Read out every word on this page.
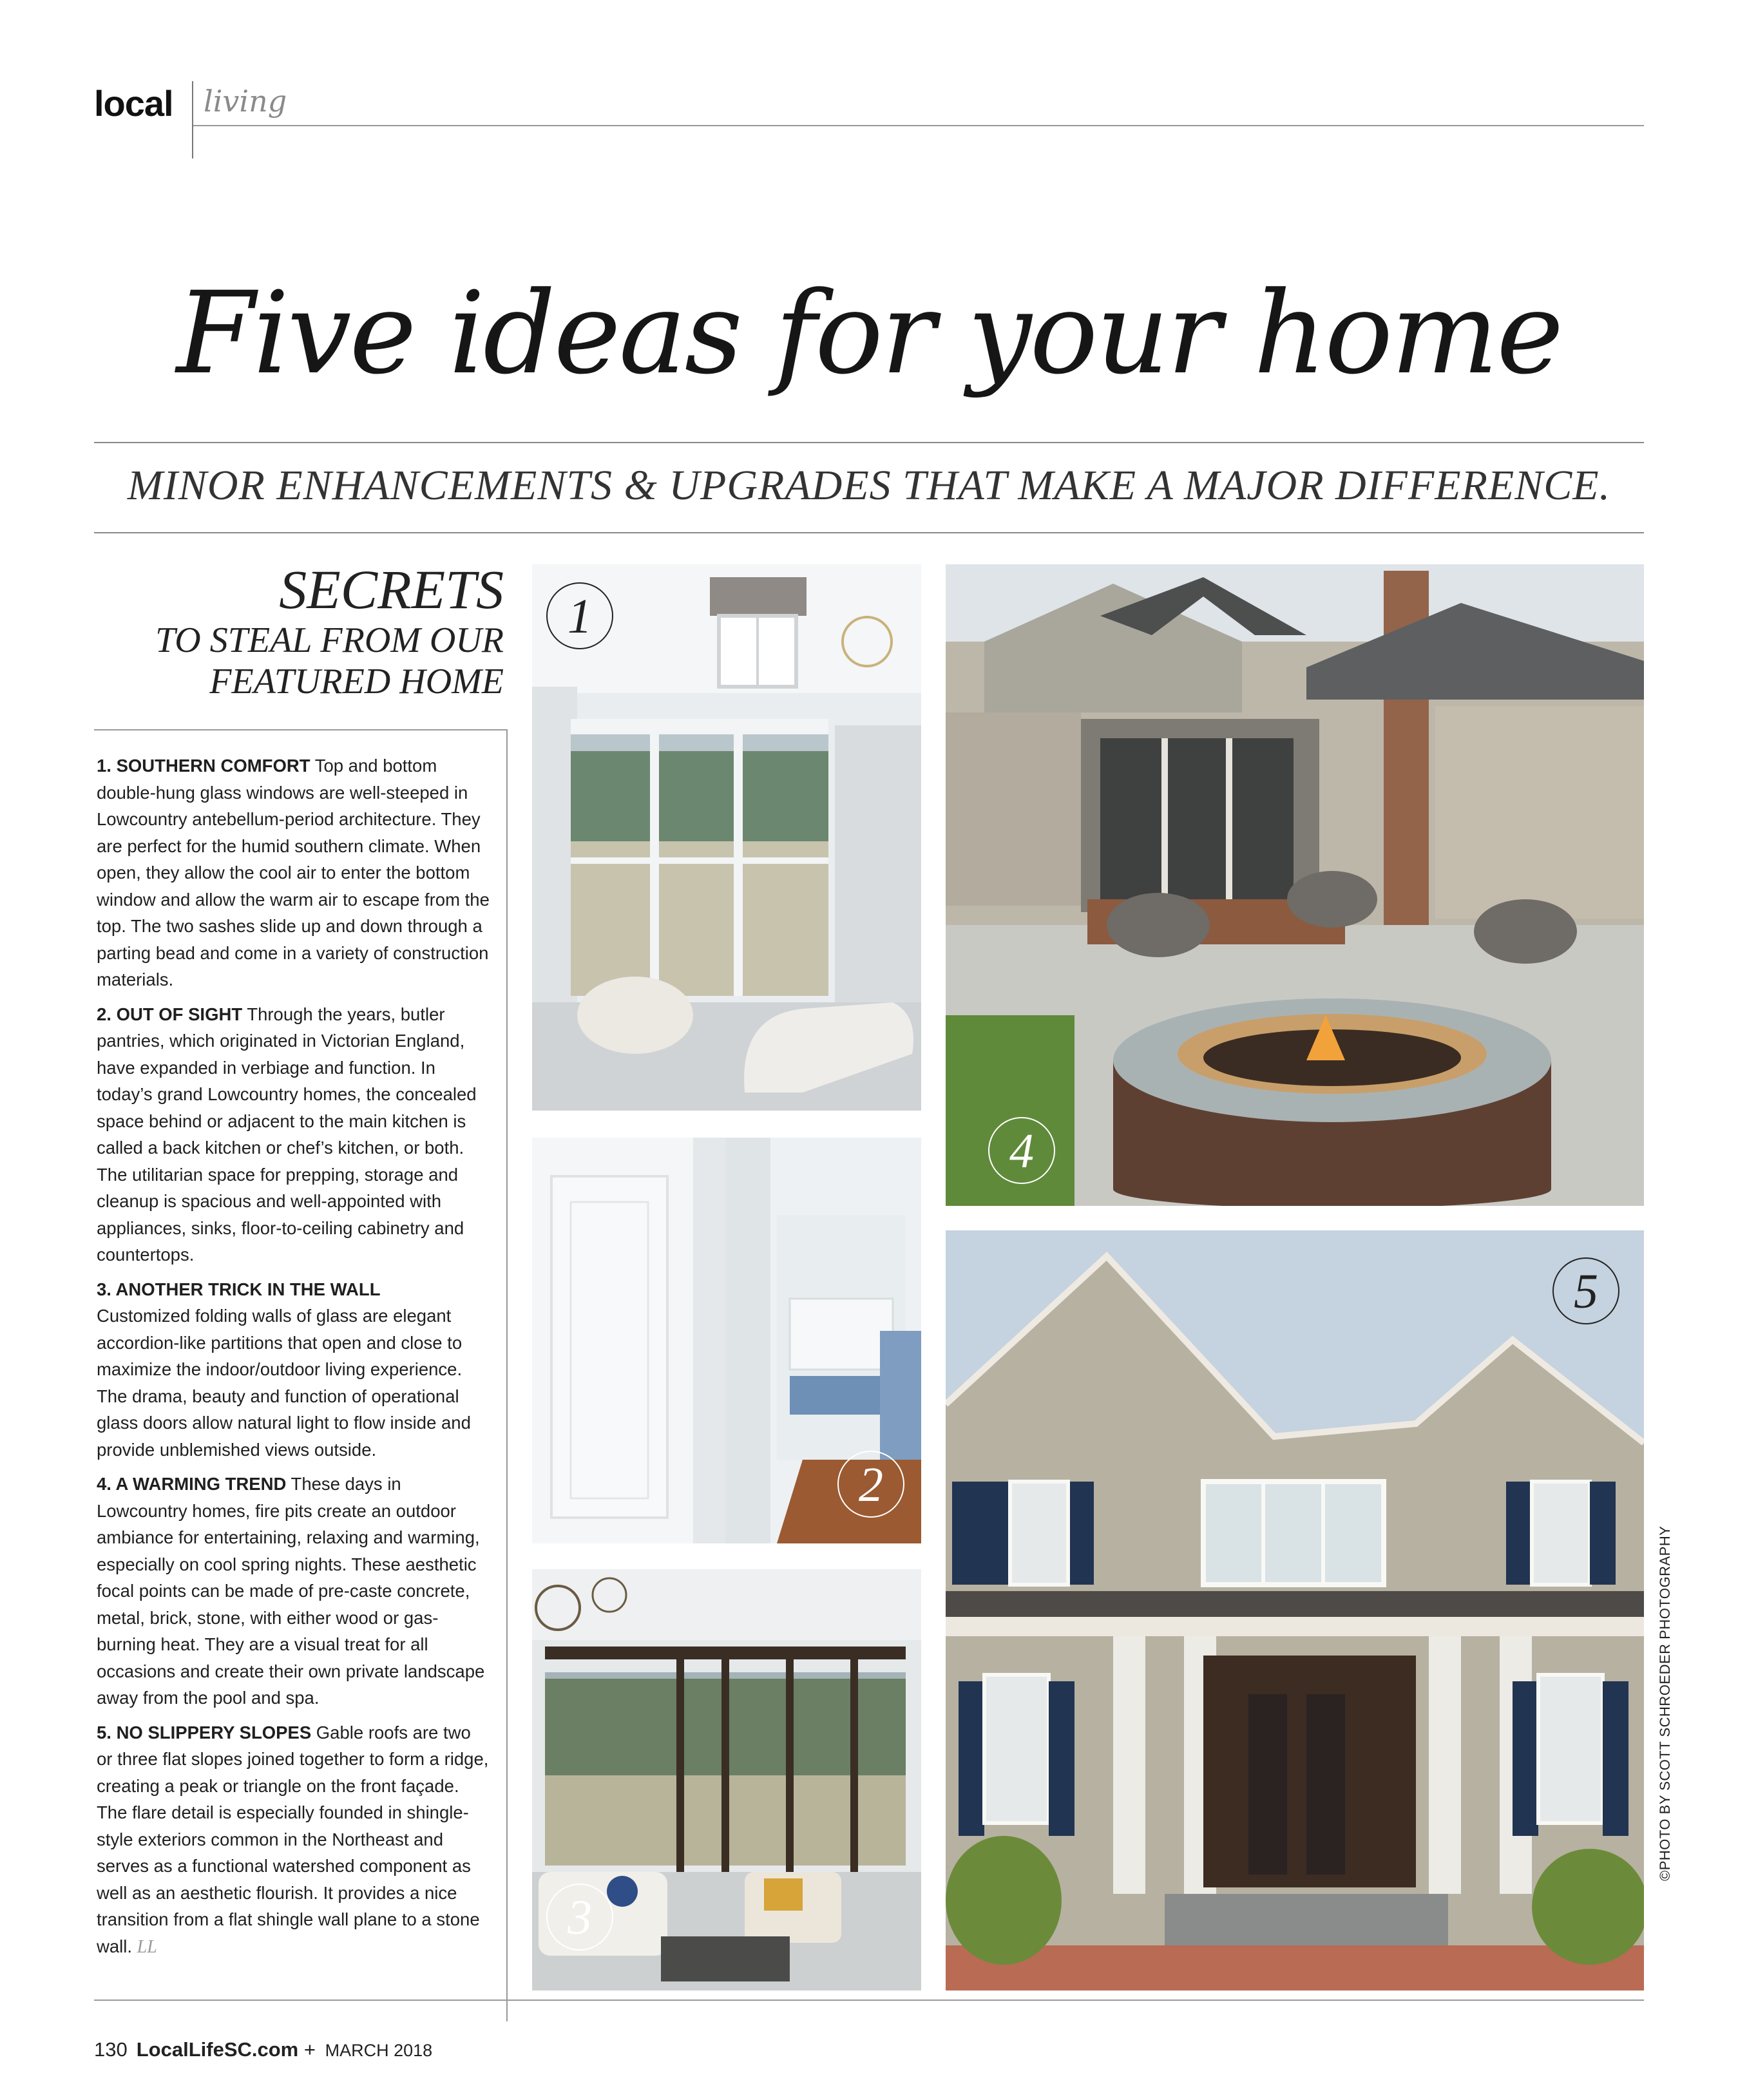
local living
Five ideas for your home
MINOR ENHANCEMENTS & UPGRADES THAT MAKE A MAJOR DIFFERENCE.
SECRETS
TO STEAL FROM OUR
FEATURED HOME

1. SOUTHERN COMFORT Top and bottom double-hung glass windows are well-steeped in Lowcountry antebellum-period architecture. They are perfect for the humid southern climate. When open, they allow the cool air to enter the bottom window and allow the warm air to escape from the top. The two sashes slide up and down through a parting bead and come in a variety of construction materials.

2. OUT OF SIGHT Through the years, butler pantries, which originated in Victorian England, have expanded in verbiage and function. In today’s grand Lowcountry homes, the concealed space behind or adjacent to the main kitchen is called a back kitchen or chef’s kitchen, or both. The utilitarian space for prepping, storage and cleanup is spacious and well-appointed with appliances, sinks, floor-to-ceiling cabinetry and countertops.

3. ANOTHER TRICK IN THE WALL
Customized folding walls of glass are elegant accordion-like partitions that open and close to maximize the indoor/outdoor living experience. The drama, beauty and function of operational glass doors allow natural light to flow inside and provide unblemished views outside.

4. A WARMING TREND These days in Lowcountry homes, fire pits create an outdoor ambiance for entertaining, relaxing and warming, especially on cool spring nights. These aesthetic focal points can be made of pre-caste concrete, metal, brick, stone, with either wood or gas-burning heat. They are a visual treat for all occasions and create their own private landscape away from the pool and spa.

5. NO SLIPPERY SLOPES Gable roofs are two or three flat slopes joined together to form a ridge, creating a peak or triangle on the front façade. The flare detail is especially founded in shingle-style exteriors common in the Northeast and serves as a functional watershed component as well as an aesthetic flourish. It provides a nice transition from a flat shingle wall plane to a stone wall. LL

1
2
3
4
5
©PHOTO BY SCOTT SCHROEDER PHOTOGRAPHY
130 LocalLifeSC.com + MARCH 2018
